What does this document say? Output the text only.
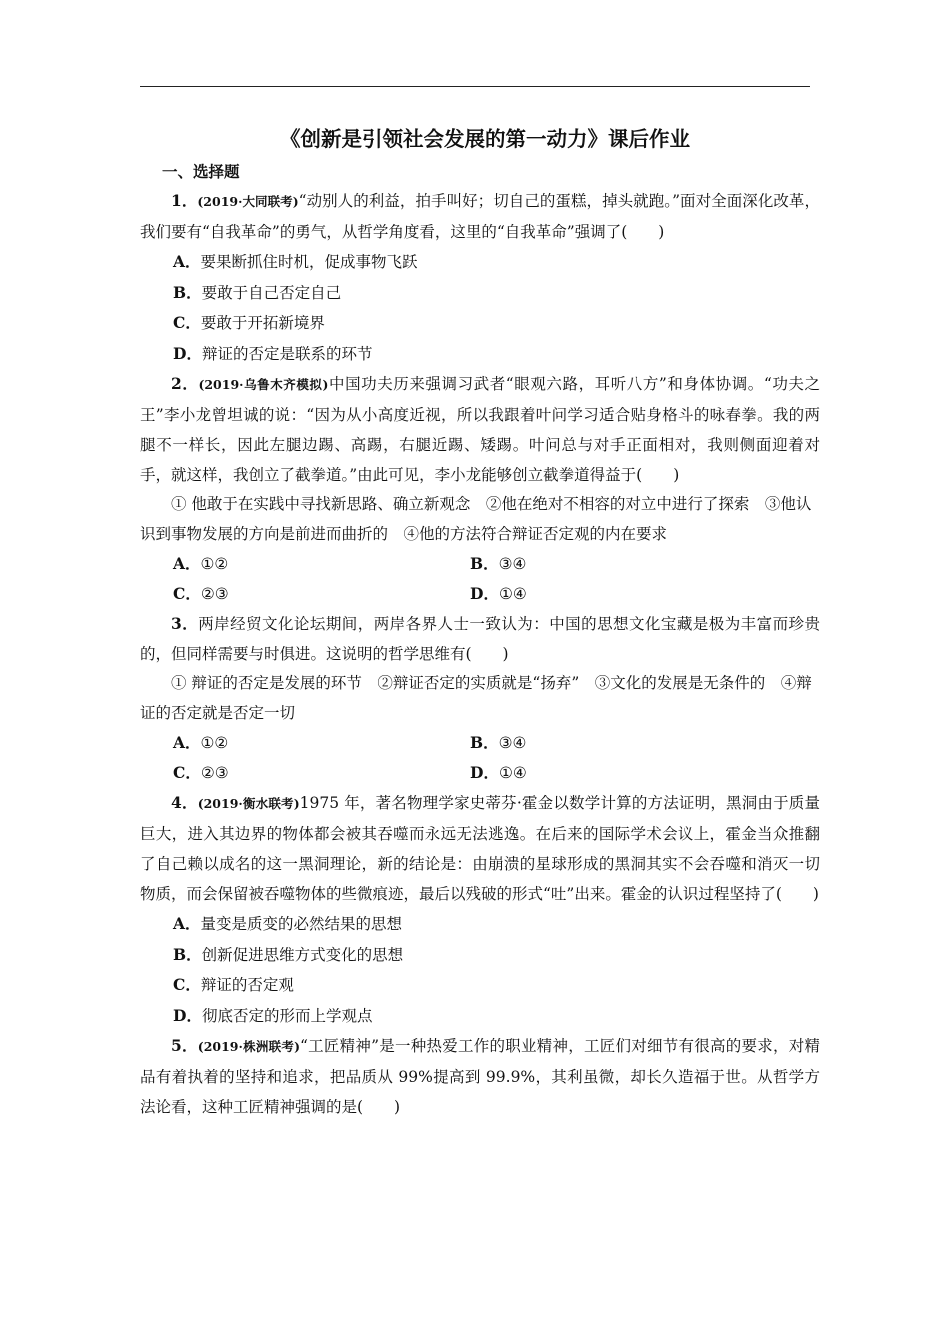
《创新是引领社会发展的第一动力》课后作业
一、选择题

1．(2019·大同联考)“动别人的利益，拍手叫好；切自己的蛋糕，掉头就跑。”面对全面深化改革，我们要有“自我革命”的勇气，从哲学角度看，这里的“自我革命”强调了(　　)

A．要果断抓住时机，促成事物飞跃

B．要敢于自己否定自己

C．要敢于开拓新境界

D．辩证的否定是联系的环节

2．(2019·乌鲁木齐模拟)中国功夫历来强调习武者“眼观六路，耳听八方”和身体协调。“功夫之王”李小龙曾坦诚的说：“因为从小高度近视，所以我跟着叶问学习适合贴身格斗的咏春拳。我的两腿不一样长，因此左腿边踢、高踢，右腿近踢、矮踢。叶问总与对手正面相对，我则侧面迎着对手，就这样，我创立了截拳道。”由此可见，李小龙能够创立截拳道得益于(　　)

① 他敢于在实践中寻找新思路、确立新观念　②他在绝对不相容的对立中进行了探索　③他认识到事物发展的方向是前进而曲折的　④他的方法符合辩证否定观的内在要求

A．①②	B．③④
C．②③	D．①④

3．两岸经贸文化论坛期间，两岸各界人士一致认为：中国的思想文化宝藏是极为丰富而珍贵的，但同样需要与时俱进。这说明的哲学思维有(　　)

① 辩证的否定是发展的环节　②辩证否定的实质就是“扬弃”　③文化的发展是无条件的　④辩证的否定就是否定一切

A．①②	B．③④
C．②③	D．①④

4．(2019·衡水联考)1975 年，著名物理学家史蒂芬·霍金以数学计算的方法证明，黑洞由于质量巨大，进入其边界的物体都会被其吞噬而永远无法逃逸。在后来的国际学术会议上，霍金当众推翻了自己赖以成名的这一黑洞理论，新的结论是：由崩溃的星球形成的黑洞其实不会吞噬和消灭一切物质，而会保留被吞噬物体的些微痕迹，最后以残破的形式“吐”出来。霍金的认识过程坚持了(　　)

A．量变是质变的必然结果的思想

B．创新促进思维方式变化的思想

C．辩证的否定观

D．彻底否定的形而上学观点

5．(2019·株洲联考)“工匠精神”是一种热爱工作的职业精神，工匠们对细节有很高的要求，对精品有着执着的坚持和追求，把品质从 99%提高到 99.9%，其利虽微，却长久造福于世。从哲学方法论看，这种工匠精神强调的是(　　)
